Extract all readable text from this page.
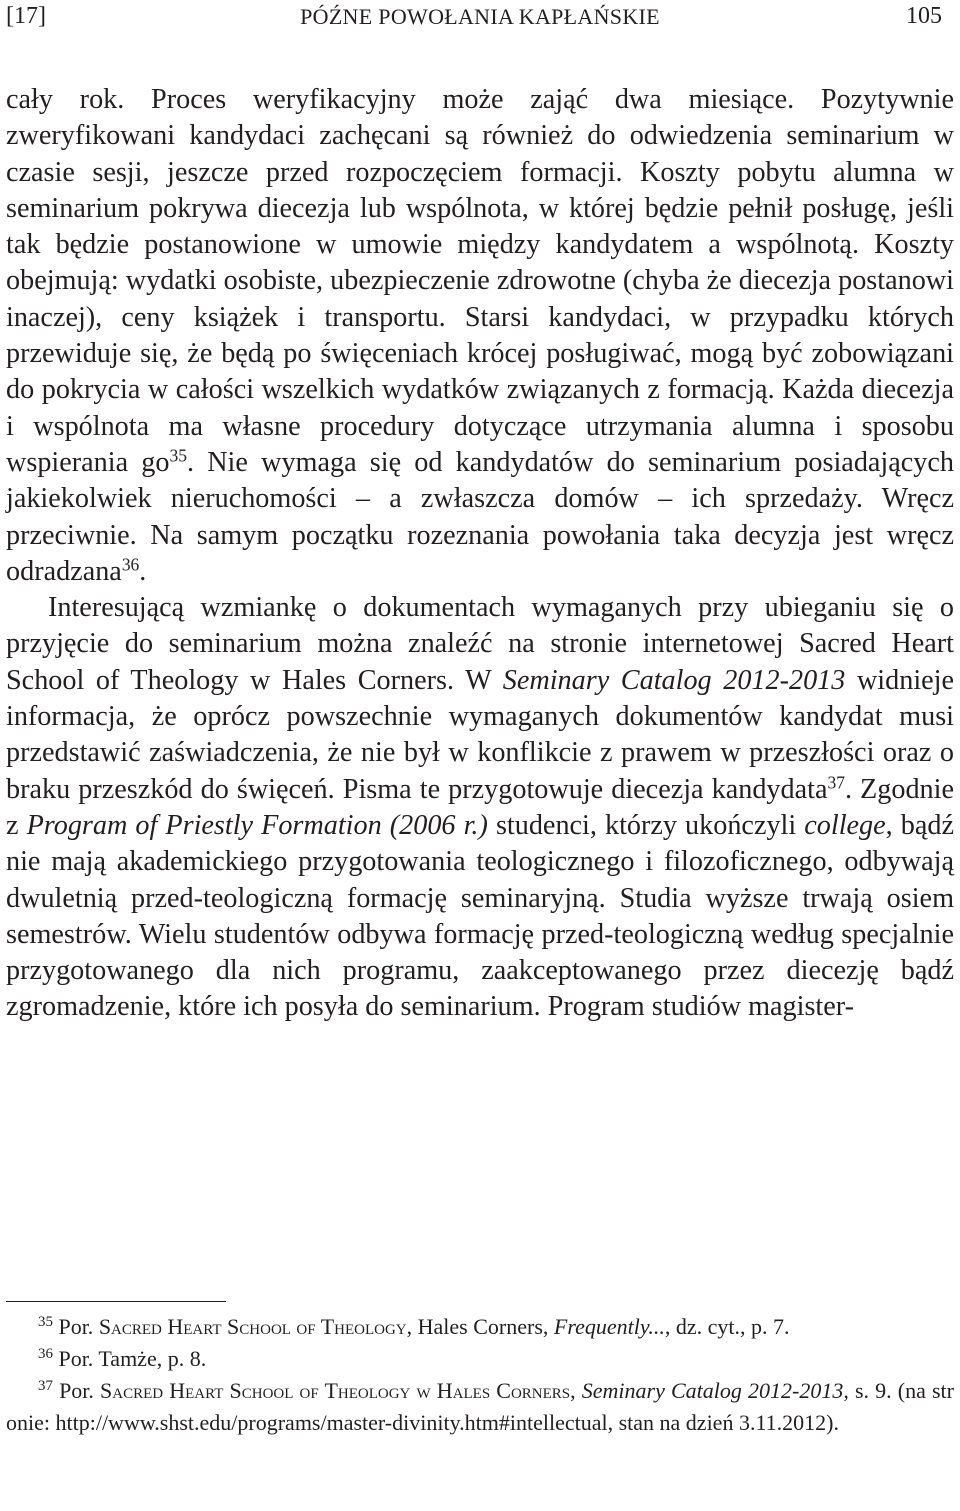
[17]	PÓŹNE POWOŁANIA KAPŁAŃSKIE	105

cały rok. Proces weryfikacyjny może zająć dwa miesiące. Pozytywnie zweryfikowani kandydaci zachęcani są również do odwiedzenia seminarium w czasie sesji, jeszcze przed rozpoczęciem formacji. Koszty pobytu alumna w seminarium pokrywa diecezja lub wspólnota, w której będzie pełnił posługę, jeśli tak będzie postanowione w umowie między kandydatem a wspólnotą. Koszty obejmują: wydatki osobiste, ubezpieczenie zdrowotne (chyba że diecezja postanowi inaczej), ceny książek i transportu. Starsi kandydaci, w przypadku których przewiduje się, że będą po święceniach krócej posługiwać, mogą być zobowiązani do pokrycia w całości wszelkich wydatków związanych z formacją. Każda diecezja i wspólnota ma własne procedury dotyczące utrzymania alumna i sposobu wspierania $go^{35}$. Nie wymaga się od kandydatów do seminarium posiadających jakiekolwiek nieruchomości – a zwłaszcza domów – ich sprzedaży. Wręcz przeciwnie. Na samym początku rozeznania powołania taka decyzja jest wręcz odradzana$^{36}$.

Interesującą wzmiankę o dokumentach wymaganych przy ubieganiu się o przyjęcie do seminarium można znaleźć na stronie internetowej Sacred Heart School of Theology w Hales Corners. W Seminary Catalog 2012-2013 widnieje informacja, że oprócz powszechnie wymaganych dokumentów kandydat musi przedstawić zaświadczenia, że nie był w konflikcie z prawem w przeszłości oraz o braku przeszkód do święceń. Pisma te przygotowuje diecezja kandydata$^{37}$. Zgodnie z Program of Priestly Formation (2006 r.) studenci, którzy ukończyli college, bądź nie mają akademickiego przygotowania teologicznego i filozoficznego, odbywają dwuletnią przed-teologiczną formację seminaryjną. Studia wyższe trwają osiem semestrów. Wielu studentów odbywa formację przed-teologiczną według specjalnie przygotowanego dla nich programu, zaakceptowanego przez diecezję bądź zgromadzenie, które ich posyła do seminarium. Program studiów magister-

$^{35}$ Por. Sacred Heart School of Theology, Hales Corners, Frequently..., dz. cyt., p. 7.

$^{36}$ Por. Tamże, p. 8.

$^{37}$ Por. Sacred Heart School of Theology w Hales Corners, Seminary Catalog 2012-2013, s. 9. (na stronie: http://www.shst.edu/programs/master-divinity.htm#intellectual, stan na dzień 3.11.2012).
